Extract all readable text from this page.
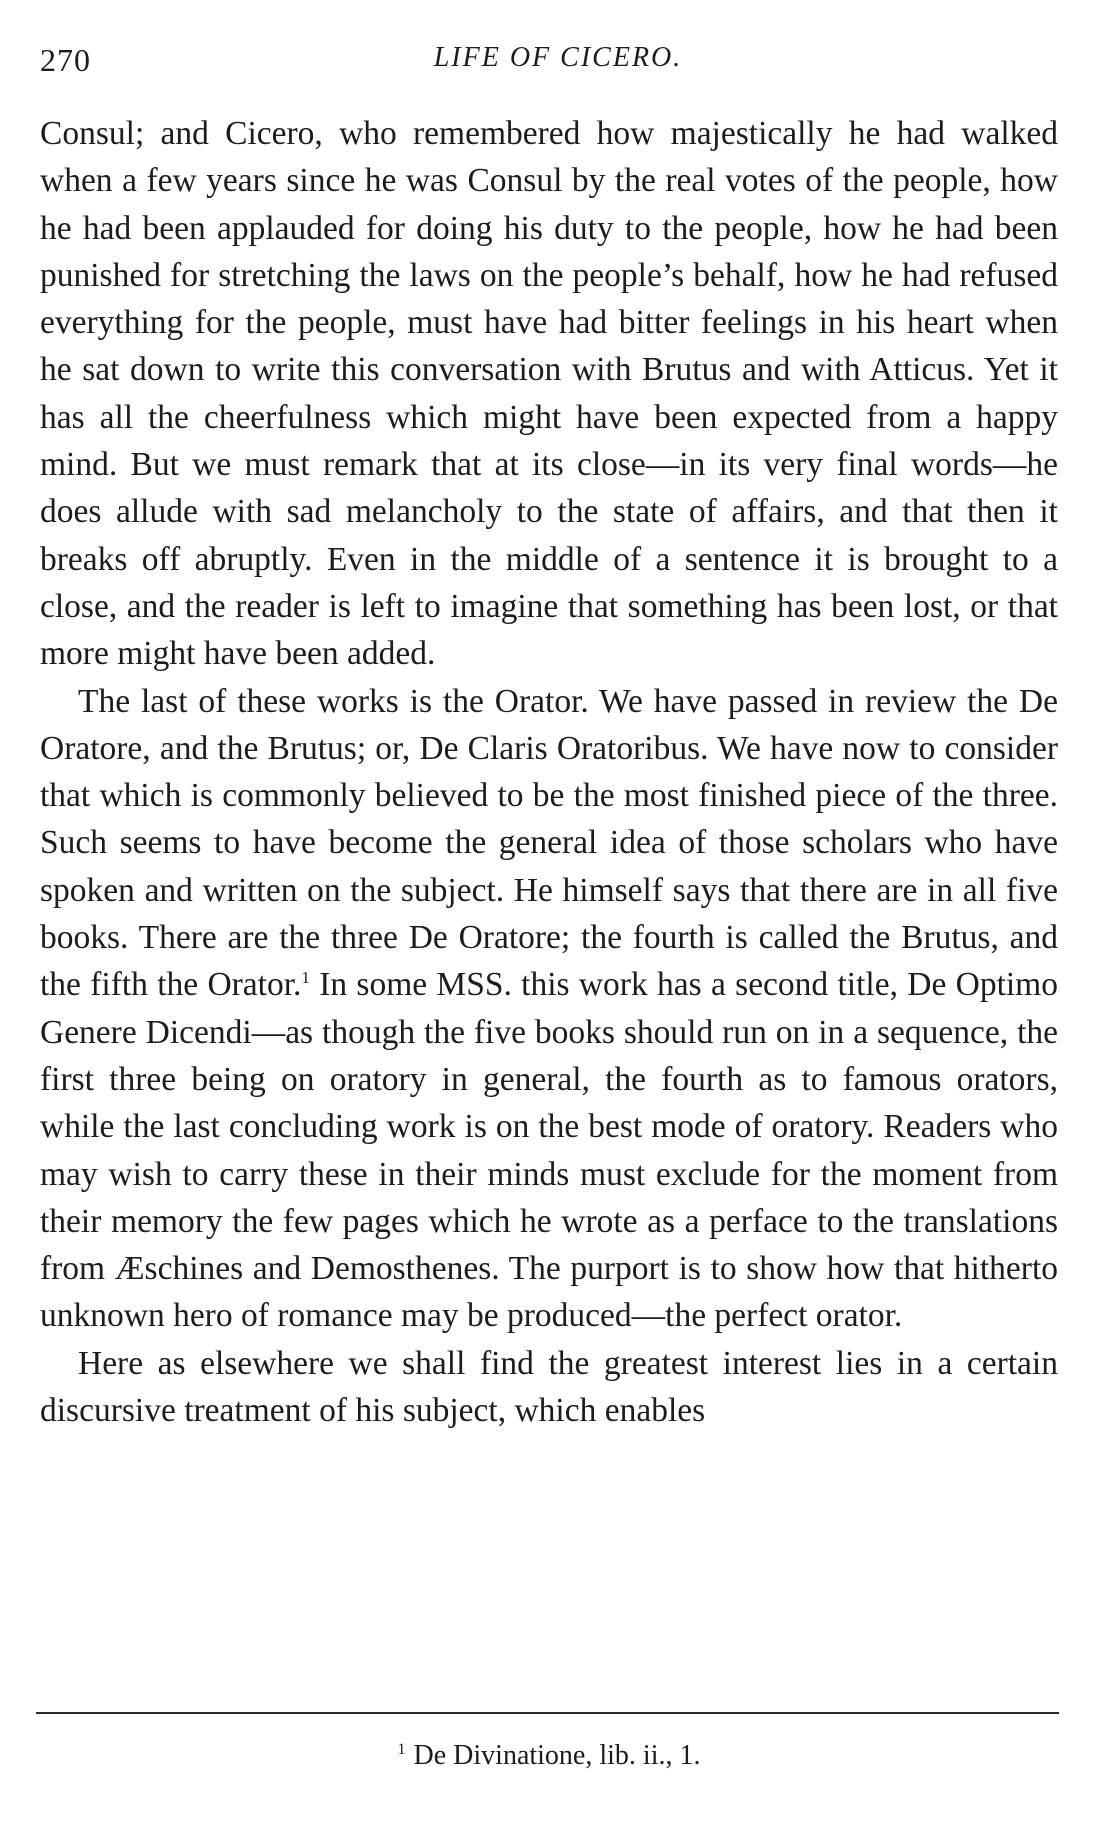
270	LIFE OF CICERO.

Consul; and Cicero, who remembered how majestically he had walked when a few years since he was Consul by the real votes of the people, how he had been applauded for doing his duty to the people, how he had been punished for stretching the laws on the people’s behalf, how he had refused everything for the people, must have had bitter feelings in his heart when he sat down to write this conversation with Brutus and with Atticus. Yet it has all the cheerfulness which might have been expected from a happy mind. But we must remark that at its close—in its very final words—he does allude with sad melancholy to the state of affairs, and that then it breaks off abruptly. Even in the middle of a sentence it is brought to a close, and the reader is left to imagine that something has been lost, or that more might have been added.

The last of these works is the Orator. We have passed in review the De Oratore, and the Brutus; or, De Claris Oratoribus. We have now to consider that which is commonly believed to be the most finished piece of the three. Such seems to have become the general idea of those scholars who have spoken and written on the subject. He himself says that there are in all five books. There are the three De Oratore; the fourth is called the Brutus, and the fifth the Orator.$^1$ In some MSS. this work has a second title, De Optimo Genere Dicendi—as though the five books should run on in a sequence, the first three being on oratory in general, the fourth as to famous orators, while the last concluding work is on the best mode of oratory. Readers who may wish to carry these in their minds must exclude for the moment from their memory the few pages which he wrote as a perface to the translations from Æschines and Demosthenes. The purport is to show how that hitherto unknown hero of romance may be produced—the perfect orator.

Here as elsewhere we shall find the greatest interest lies in a certain discursive treatment of his subject, which enables

$^1$ De Divinatione, lib. ii., 1.
